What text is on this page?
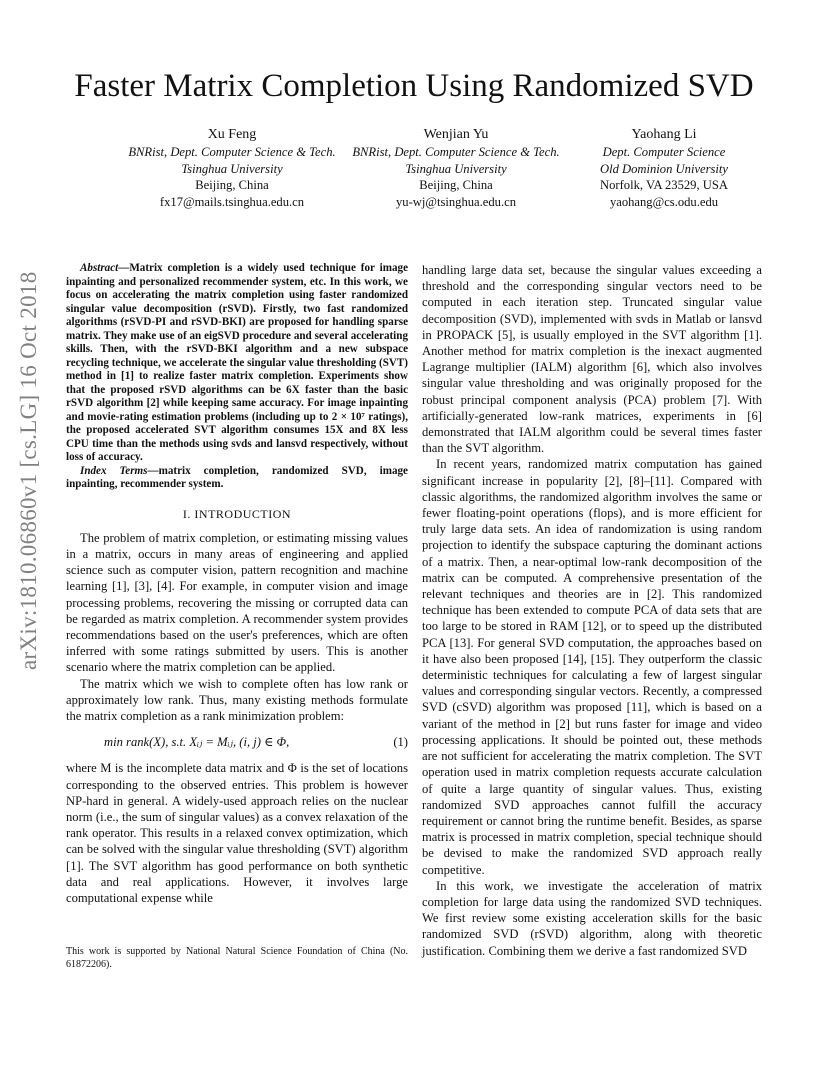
Faster Matrix Completion Using Randomized SVD
Xu Feng
BNRist, Dept. Computer Science & Tech.
Tsinghua University
Beijing, China
fx17@mails.tsinghua.edu.cn
Wenjian Yu
BNRist, Dept. Computer Science & Tech.
Tsinghua University
Beijing, China
yu-wj@tsinghua.edu.cn
Yaohang Li
Dept. Computer Science
Old Dominion University
Norfolk, VA 23529, USA
yaohang@cs.odu.edu
arXiv:1810.06860v1 [cs.LG] 16 Oct 2018

Abstract—Matrix completion is a widely used technique for image inpainting and personalized recommender system, etc. In this work, we focus on accelerating the matrix completion using faster randomized singular value decomposition (rSVD). Firstly, two fast randomized algorithms (rSVD-PI and rSVD-BKI) are proposed for handling sparse matrix. They make use of an eigSVD procedure and several accelerating skills. Then, with the rSVD-BKI algorithm and a new subspace recycling technique, we accelerate the singular value thresholding (SVT) method in [1] to realize faster matrix completion. Experiments show that the proposed rSVD algorithms can be 6X faster than the basic rSVD algorithm [2] while keeping same accuracy. For image inpainting and movie-rating estimation problems (including up to 2 × 10⁷ ratings), the proposed accelerated SVT algorithm consumes 15X and 8X less CPU time than the methods using svds and lansvd respectively, without loss of accuracy.

Index Terms—matrix completion, randomized SVD, image inpainting, recommender system.

I. INTRODUCTION

The problem of matrix completion, or estimating missing values in a matrix, occurs in many areas of engineering and applied science such as computer vision, pattern recognition and machine learning [1], [3], [4]. For example, in computer vision and image processing problems, recovering the missing or corrupted data can be regarded as matrix completion. A recommender system provides recommendations based on the user's preferences, which are often inferred with some ratings submitted by users. This is another scenario where the matrix completion can be applied.

The matrix which we wish to complete often has low rank or approximately low rank. Thus, many existing methods formulate the matrix completion as a rank minimization problem:

min rank(X), s.t. Xᵢⱼ = Mᵢⱼ, (i, j) ∈ Φ,	(1)

where M is the incomplete data matrix and Φ is the set of locations corresponding to the observed entries. This problem is however NP-hard in general. A widely-used approach relies on the nuclear norm (i.e., the sum of singular values) as a convex relaxation of the rank operator. This results in a relaxed convex optimization, which can be solved with the singular value thresholding (SVT) algorithm [1]. The SVT algorithm has good performance on both synthetic data and real applications. However, it involves large computational expense while

This work is supported by National Natural Science Foundation of China (No. 61872206).

handling large data set, because the singular values exceeding a threshold and the corresponding singular vectors need to be computed in each iteration step. Truncated singular value decomposition (SVD), implemented with svds in Matlab or lansvd in PROPACK [5], is usually employed in the SVT algorithm [1]. Another method for matrix completion is the inexact augmented Lagrange multiplier (IALM) algorithm [6], which also involves singular value thresholding and was originally proposed for the robust principal component analysis (PCA) problem [7]. With artificially-generated low-rank matrices, experiments in [6] demonstrated that IALM algorithm could be several times faster than the SVT algorithm.

In recent years, randomized matrix computation has gained significant increase in popularity [2], [8]–[11]. Compared with classic algorithms, the randomized algorithm involves the same or fewer floating-point operations (flops), and is more efficient for truly large data sets. An idea of randomization is using random projection to identify the subspace capturing the dominant actions of a matrix. Then, a near-optimal low-rank decomposition of the matrix can be computed. A comprehensive presentation of the relevant techniques and theories are in [2]. This randomized technique has been extended to compute PCA of data sets that are too large to be stored in RAM [12], or to speed up the distributed PCA [13]. For general SVD computation, the approaches based on it have also been proposed [14], [15]. They outperform the classic deterministic techniques for calculating a few of largest singular values and corresponding singular vectors. Recently, a compressed SVD (cSVD) algorithm was proposed [11], which is based on a variant of the method in [2] but runs faster for image and video processing applications. It should be pointed out, these methods are not sufficient for accelerating the matrix completion. The SVT operation used in matrix completion requests accurate calculation of quite a large quantity of singular values. Thus, existing randomized SVD approaches cannot fulfill the accuracy requirement or cannot bring the runtime benefit. Besides, as sparse matrix is processed in matrix completion, special technique should be devised to make the randomized SVD approach really competitive.

In this work, we investigate the acceleration of matrix completion for large data using the randomized SVD techniques. We first review some existing acceleration skills for the basic randomized SVD (rSVD) algorithm, along with theoretic justification. Combining them we derive a fast randomized SVD
